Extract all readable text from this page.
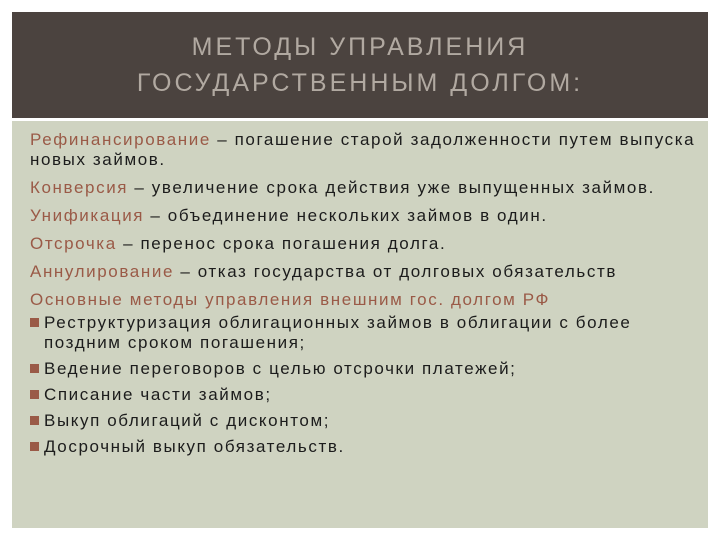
МЕТОДЫ УПРАВЛЕНИЯ
ГОСУДАРСТВЕННЫМ ДОЛГОМ:
Рефинансирование – погашение старой задолженности путем выпуска новых займов.
Конверсия – увеличение срока действия уже выпущенных займов.
Унификация – объединение нескольких займов в один.
Отсрочка – перенос срока погашения долга.
Аннулирование – отказ государства от долговых обязательств
Основные методы управления внешним гос. долгом РФ
Реструктуризация облигационных займов в облигации с более поздним сроком погашения;
Ведение переговоров с целью отсрочки платежей;
Списание части займов;
Выкуп облигаций с дисконтом;
Досрочный выкуп обязательств.
